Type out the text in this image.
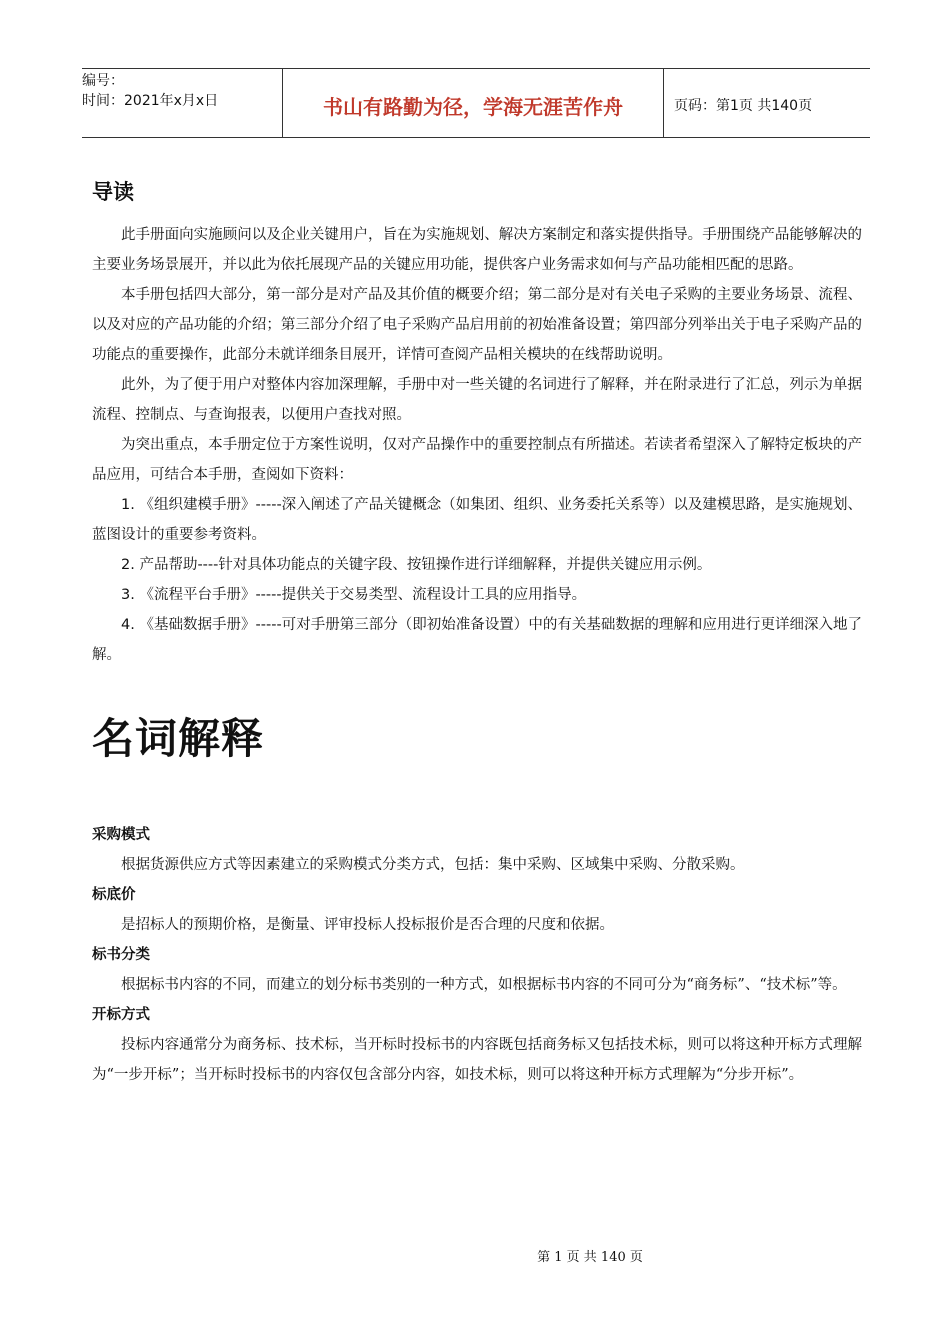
编号：
时间：2021年x月x日	书山有路勤为径，学海无涯苦作舟	页码：第1页 共140页
导读

此手册面向实施顾问以及企业关键用户，旨在为实施规划、解决方案制定和落实提供指导。手册围绕产品能够解决的主要业务场景展开，并以此为依托展现产品的关键应用功能，提供客户业务需求如何与产品功能相匹配的思路。

本手册包括四大部分，第一部分是对产品及其价值的概要介绍；第二部分是对有关电子采购的主要业务场景、流程、以及对应的产品功能的介绍；第三部分介绍了电子采购产品启用前的初始准备设置；第四部分列举出关于电子采购产品的功能点的重要操作，此部分未就详细条目展开，详情可查阅产品相关模块的在线帮助说明。

此外，为了便于用户对整体内容加深理解，手册中对一些关键的名词进行了解释，并在附录进行了汇总，列示为单据流程、控制点、与查询报表，以便用户查找对照。

为突出重点，本手册定位于方案性说明，仅对产品操作中的重要控制点有所描述。若读者希望深入了解特定板块的产品应用，可结合本手册，查阅如下资料：

1. 《组织建模手册》-----深入阐述了产品关键概念（如集团、组织、业务委托关系等）以及建模思路，是实施规划、蓝图设计的重要参考资料。

2. 产品帮助----针对具体功能点的关键字段、按钮操作进行详细解释，并提供关键应用示例。

3. 《流程平台手册》-----提供关于交易类型、流程设计工具的应用指导。

4. 《基础数据手册》-----可对手册第三部分（即初始准备设置）中的有关基础数据的理解和应用进行更详细深入地了解。

名词解释
采购模式

根据货源供应方式等因素建立的采购模式分类方式，包括：集中采购、区域集中采购、分散采购。

标底价

是招标人的预期价格，是衡量、评审投标人投标报价是否合理的尺度和依据。

标书分类

根据标书内容的不同，而建立的划分标书类别的一种方式，如根据标书内容的不同可分为“商务标”、“技术标”等。

开标方式

投标内容通常分为商务标、技术标，当开标时投标书的内容既包括商务标又包括技术标，则可以将这种开标方式理解为“一步开标”；当开标时投标书的内容仅包含部分内容，如技术标，则可以将这种开标方式理解为“分步开标”。

第 1 页 共 140 页
